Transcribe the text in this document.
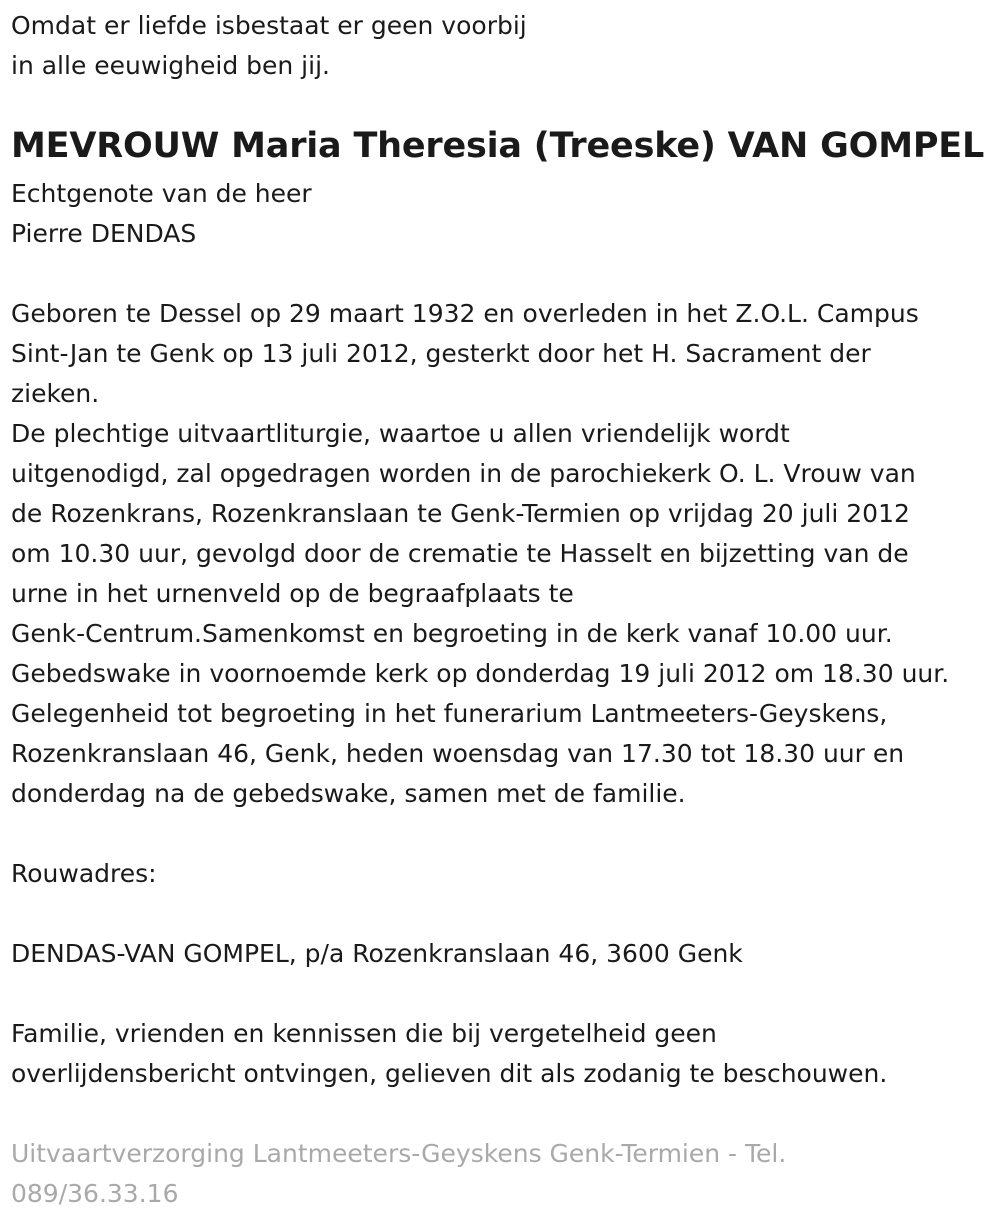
Omdat er liefde isbestaat er geen voorbij
in alle eeuwigheid ben jij.
MEVROUW Maria Theresia (Treeske) VAN GOMPEL
Echtgenote van de heer
Pierre DENDAS
Geboren te Dessel op 29 maart 1932 en overleden in het Z.O.L. Campus
Sint-Jan te Genk op 13 juli 2012, gesterkt door het H. Sacrament der
zieken.
De plechtige uitvaartliturgie, waartoe u allen vriendelijk wordt
uitgenodigd, zal opgedragen worden in de parochiekerk O. L. Vrouw van
de Rozenkrans, Rozenkranslaan te Genk-Termien op vrijdag 20 juli 2012
om 10.30 uur, gevolgd door de crematie te Hasselt en bijzetting van de
urne in het urnenveld op de begraafplaats te
Genk-Centrum.Samenkomst en begroeting in de kerk vanaf 10.00 uur.
Gebedswake in voornoemde kerk op donderdag 19 juli 2012 om 18.30 uur.
Gelegenheid tot begroeting in het funerarium Lantmeeters-Geyskens,
Rozenkranslaan 46, Genk, heden woensdag van 17.30 tot 18.30 uur en
donderdag na de gebedswake, samen met de familie.
Rouwadres:
DENDAS-VAN GOMPEL, p/a Rozenkranslaan 46, 3600 Genk
Familie, vrienden en kennissen die bij vergetelheid geen
overlijdensbericht ontvingen, gelieven dit als zodanig te beschouwen.
Uitvaartverzorging Lantmeeters-Geyskens Genk-Termien - Tel.
089/36.33.16
